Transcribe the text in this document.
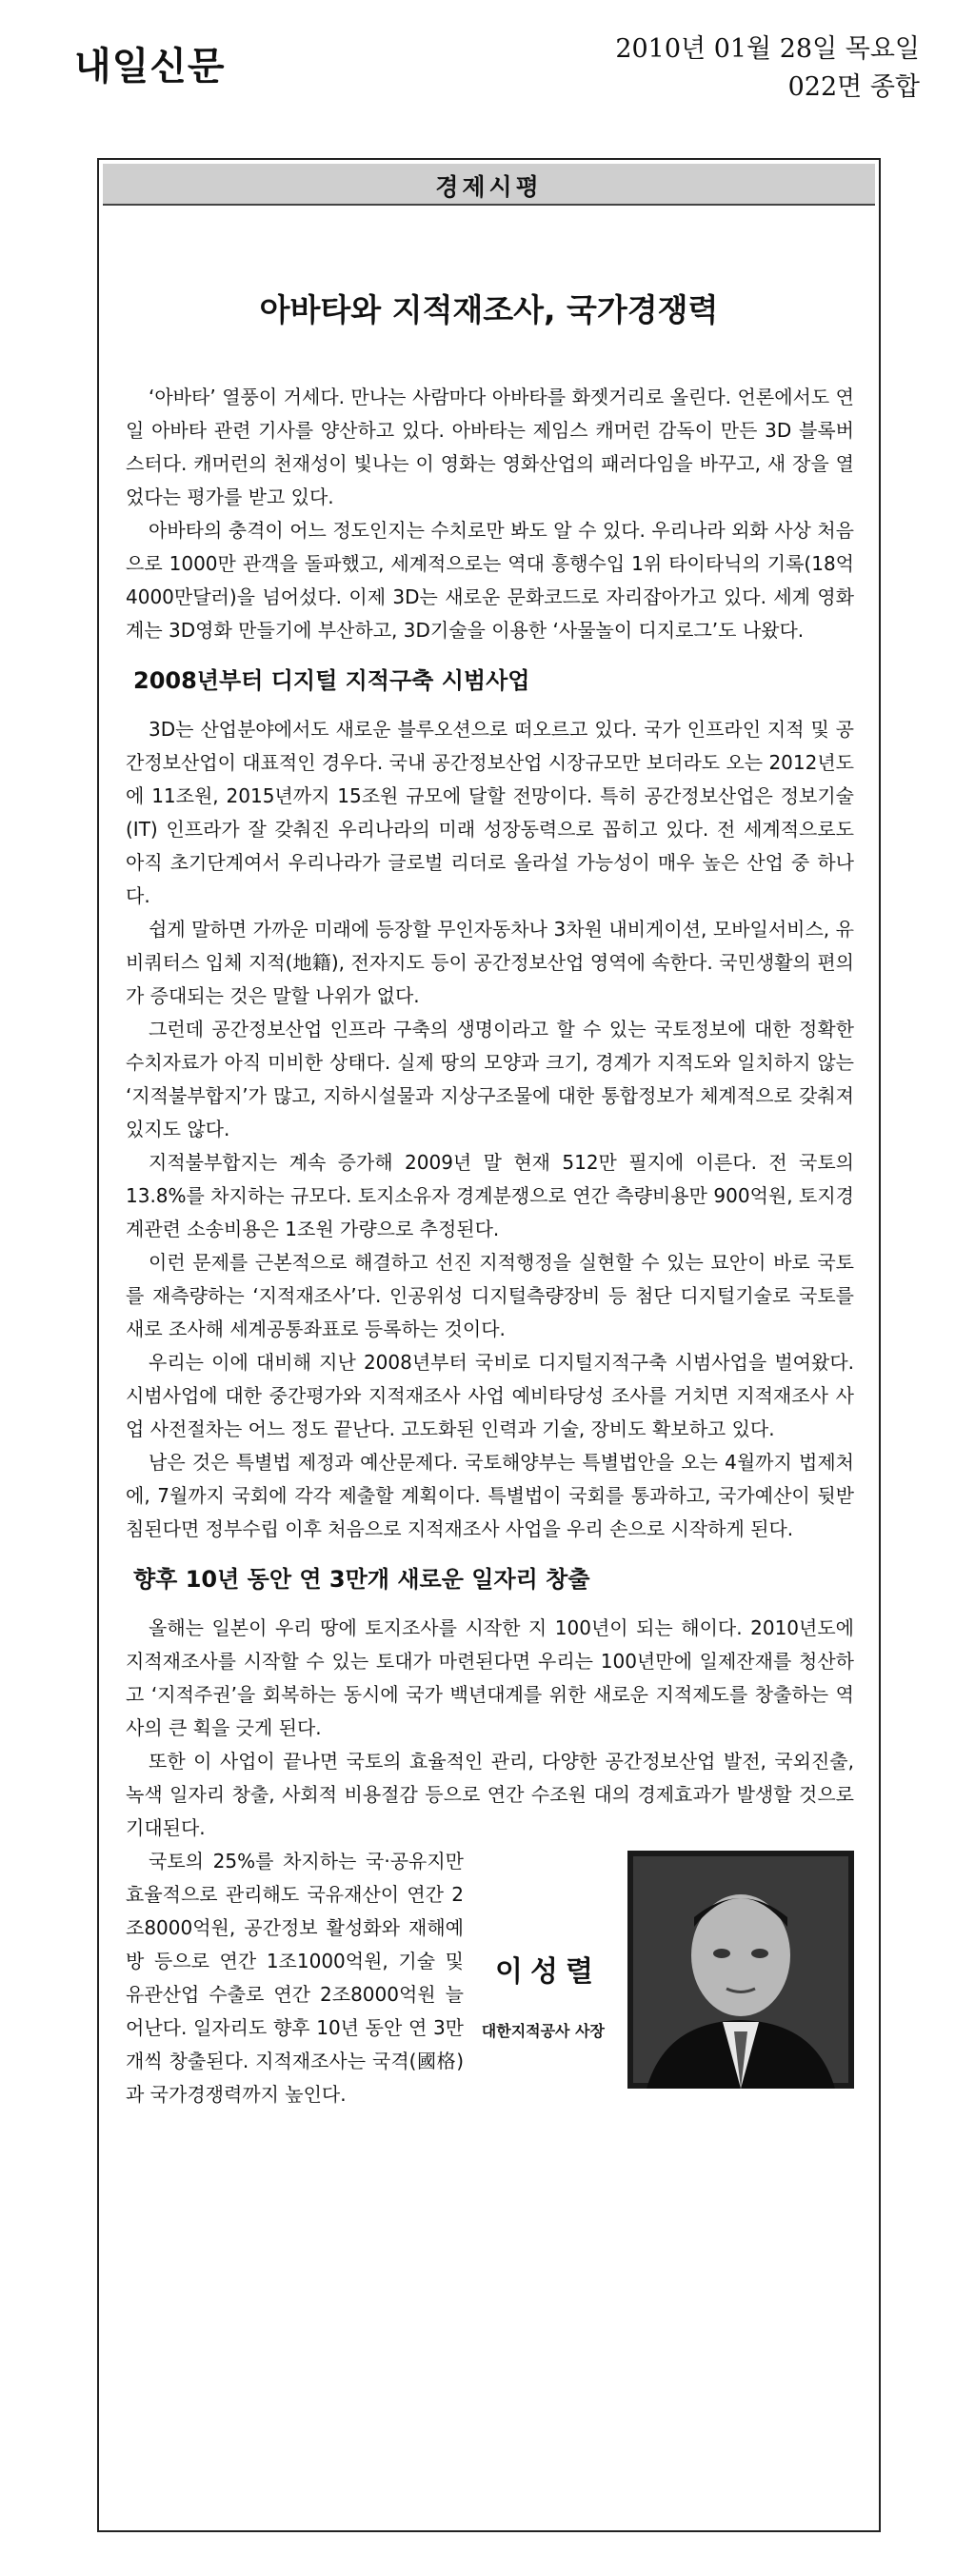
내일신문	2010년 01월 28일 목요일
022면 종합
경제시평
아바타와 지적재조사, 국가경쟁력

‘아바타’ 열풍이 거세다. 만나는 사람마다 아바타를 화젯거리로 올린다. 언론에서도 연일 아바타 관련 기사를 양산하고 있다. 아바타는 제임스 캐머런 감독이 만든 3D 블록버스터다. 캐머런의 천재성이 빛나는 이 영화는 영화산업의 패러다임을 바꾸고, 새 장을 열었다는 평가를 받고 있다.

아바타의 충격이 어느 정도인지는 수치로만 봐도 알 수 있다. 우리나라 외화 사상 처음으로 1000만 관객을 돌파했고, 세계적으로는 역대 흥행수입 1위 타이타닉의 기록(18억4000만달러)을 넘어섰다. 이제 3D는 새로운 문화코드로 자리잡아가고 있다. 세계 영화계는 3D영화 만들기에 부산하고, 3D기술을 이용한 ‘사물놀이 디지로그’도 나왔다.

2008년부터 디지털 지적구축 시범사업

3D는 산업분야에서도 새로운 블루오션으로 떠오르고 있다. 국가 인프라인 지적 및 공간정보산업이 대표적인 경우다. 국내 공간정보산업 시장규모만 보더라도 오는 2012년도에 11조원, 2015년까지 15조원 규모에 달할 전망이다. 특히 공간정보산업은 정보기술(IT) 인프라가 잘 갖춰진 우리나라의 미래 성장동력으로 꼽히고 있다. 전 세계적으로도 아직 초기단계여서 우리나라가 글로벌 리더로 올라설 가능성이 매우 높은 산업 중 하나다.

쉽게 말하면 가까운 미래에 등장할 무인자동차나 3차원 내비게이션, 모바일서비스, 유비쿼터스 입체 지적(地籍), 전자지도 등이 공간정보산업 영역에 속한다. 국민생활의 편의가 증대되는 것은 말할 나위가 없다.

그런데 공간정보산업 인프라 구축의 생명이라고 할 수 있는 국토정보에 대한 정확한 수치자료가 아직 미비한 상태다. 실제 땅의 모양과 크기, 경계가 지적도와 일치하지 않는 ‘지적불부합지’가 많고, 지하시설물과 지상구조물에 대한 통합정보가 체계적으로 갖춰져 있지도 않다.

지적불부합지는 계속 증가해 2009년 말 현재 512만 필지에 이른다. 전 국토의 13.8%를 차지하는 규모다. 토지소유자 경계분쟁으로 연간 측량비용만 900억원, 토지경계관련 소송비용은 1조원 가량으로 추정된다.

이런 문제를 근본적으로 해결하고 선진 지적행정을 실현할 수 있는 묘안이 바로 국토를 재측량하는 ‘지적재조사’다. 인공위성 디지털측량장비 등 첨단 디지털기술로 국토를 새로 조사해 세계공통좌표로 등록하는 것이다.

우리는 이에 대비해 지난 2008년부터 국비로 디지털지적구축 시범사업을 벌여왔다. 시범사업에 대한 중간평가와 지적재조사 사업 예비타당성 조사를 거치면 지적재조사 사업 사전절차는 어느 정도 끝난다. 고도화된 인력과 기술, 장비도 확보하고 있다.

남은 것은 특별법 제정과 예산문제다. 국토해양부는 특별법안을 오는 4월까지 법제처에, 7월까지 국회에 각각 제출할 계획이다. 특별법이 국회를 통과하고, 국가예산이 뒷받침된다면 정부수립 이후 처음으로 지적재조사 사업을 우리 손으로 시작하게 된다.

향후 10년 동안 연 3만개 새로운 일자리 창출

올해는 일본이 우리 땅에 토지조사를 시작한 지 100년이 되는 해이다. 2010년도에 지적재조사를 시작할 수 있는 토대가 마련된다면 우리는 100년만에 일제잔재를 청산하고 ‘지적주권’을 회복하는 동시에 국가 백년대계를 위한 새로운 지적제도를 창출하는 역사의 큰 획을 긋게 된다.

또한 이 사업이 끝나면 국토의 효율적인 관리, 다양한 공간정보산업 발전, 국외진출, 녹색 일자리 창출, 사회적 비용절감 등으로 연간 수조원 대의 경제효과가 발생할 것으로 기대된다.

이성렬
대한지적공사 사장

국토의 25%를 차지하는 국·공유지만 효율적으로 관리해도 국유재산이 연간 2조8000억원, 공간정보 활성화와 재해예방 등으로 연간 1조1000억원, 기술 및 유관산업 수출로 연간 2조8000억원 늘어난다. 일자리도 향후 10년 동안 연 3만개씩 창출된다. 지적재조사는 국격(國格)과 국가경쟁력까지 높인다.
